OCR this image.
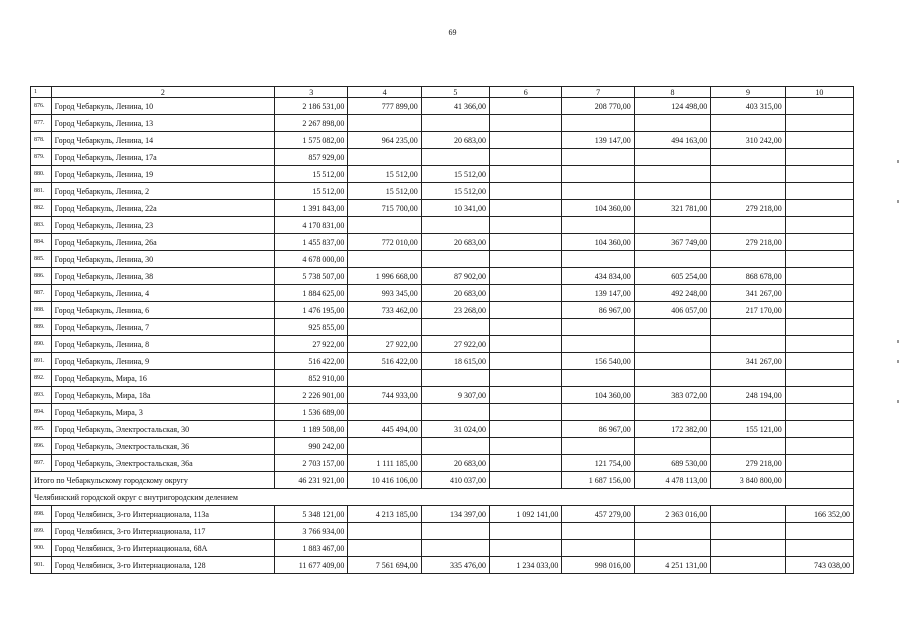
69
1	2	3	4	5	6	7	8	9	10
876.	Город Чебаркуль, Ленина, 10	2 186 531,00	777 899,00	41 366,00		208 770,00	124 498,00	403 315,00	
877.	Город Чебаркуль, Ленина, 13	2 267 898,00							
878.	Город Чебаркуль, Ленина, 14	1 575 082,00	964 235,00	20 683,00		139 147,00	494 163,00	310 242,00	
879.	Город Чебаркуль, Ленина, 17а	857 929,00							
880.	Город Чебаркуль, Ленина, 19	15 512,00	15 512,00	15 512,00					
881.	Город Чебаркуль, Ленина, 2	15 512,00	15 512,00	15 512,00					
882.	Город Чебаркуль, Ленина, 22а	1 391 843,00	715 700,00	10 341,00		104 360,00	321 781,00	279 218,00	
883.	Город Чебаркуль, Ленина, 23	4 170 831,00							
884.	Город Чебаркуль, Ленина, 26а	1 455 837,00	772 010,00	20 683,00		104 360,00	367 749,00	279 218,00	
885.	Город Чебаркуль, Ленина, 30	4 678 000,00							
886.	Город Чебаркуль, Ленина, 38	5 738 507,00	1 996 668,00	87 902,00		434 834,00	605 254,00	868 678,00	
887.	Город Чебаркуль, Ленина, 4	1 884 625,00	993 345,00	20 683,00		139 147,00	492 248,00	341 267,00	
888.	Город Чебаркуль, Ленина, 6	1 476 195,00	733 462,00	23 268,00		86 967,00	406 057,00	217 170,00	
889.	Город Чебаркуль, Ленина, 7	925 855,00							
890.	Город Чебаркуль, Ленина, 8	27 922,00	27 922,00	27 922,00					
891.	Город Чебаркуль, Ленина, 9	516 422,00	516 422,00	18 615,00		156 540,00		341 267,00	
892.	Город Чебаркуль, Мира, 16	852 910,00							
893.	Город Чебаркуль, Мира, 18а	2 226 901,00	744 933,00	9 307,00		104 360,00	383 072,00	248 194,00	
894.	Город Чебаркуль, Мира, 3	1 536 689,00							
895.	Город Чебаркуль, Электростальская, 30	1 189 508,00	445 494,00	31 024,00		86 967,00	172 382,00	155 121,00	
896.	Город Чебаркуль, Электростальская, 36	990 242,00							
897.	Город Чебаркуль, Электростальская, 36а	2 703 157,00	1 111 185,00	20 683,00		121 754,00	689 530,00	279 218,00	
Итого по Чебаркульскому городскому округу		46 231 921,00	10 416 106,00	410 037,00		1 687 156,00	4 478 113,00	3 840 800,00	
Челябинский городской округ с внутригородским делением									
898.	Город Челябинск, 3-го Интернационала, 113а	5 348 121,00	4 213 185,00	134 397,00	1 092 141,00	457 279,00	2 363 016,00		166 352,00
899.	Город Челябинск, 3-го Интернационала, 117	3 766 934,00							
900.	Город Челябинск, 3-го Интернационала, 68А	1 883 467,00							
901.	Город Челябинск, 3-го Интернационала, 128	11 677 409,00	7 561 694,00	335 476,00	1 234 033,00	998 016,00	4 251 131,00		743 038,00
